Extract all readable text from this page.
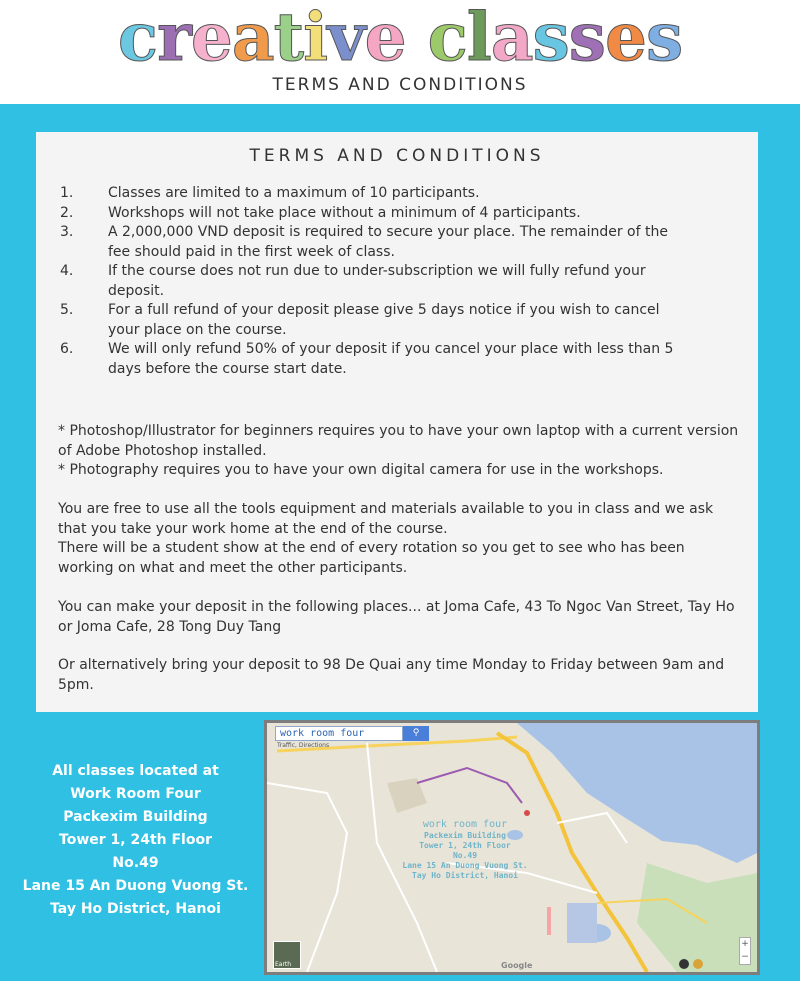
creative classes
TERMS AND CONDITIONS
TERMS AND CONDITIONS
1.	Classes are limited to a maximum of 10 participants.
2.	Workshops will not take place without a minimum of 4 participants.
3.	A 2,000,000 VND deposit is required to secure your place. The remainder of the fee should paid in the first week of class.
4.	If the course does not run due to under-subscription we will fully refund your deposit.
5.	For a full refund of your deposit please give 5 days notice if you wish to cancel your place on the course.
6.	We will only refund 50% of your deposit if you cancel your place with less than 5 days before the course start date.
* Photoshop/Illustrator for beginners requires you to have your own laptop with a current version of Adobe Photoshop installed.
* Photography requires you to have your own digital camera for use in the workshops.
You are free to use all the tools equipment and materials available to you in class and we ask that you take your work home at the end of the course.
There will be a student show at the end of every rotation so you get to see who has been working on what and meet the other participants.
You can make your deposit in the following places... at Joma Cafe, 43 To Ngoc Van Street, Tay Ho or Joma Cafe, 28 Tong Duy Tang
Or alternatively bring your deposit to 98 De Quai any time Monday to Friday between 9am and 5pm.
All classes located at
Work Room Four
Packexim Building
Tower 1, 24th Floor
No.49
Lane 15 An Duong Vuong St.
Tay Ho District, Hanoi
work room four	⚲
Traffic, Directions
work room four
Packexim Building
Tower 1, 24th Floor
No.49
Lane 15 An Duong Vuong St.
Tay Ho District, Hanoi
Earth	Google
+
−
